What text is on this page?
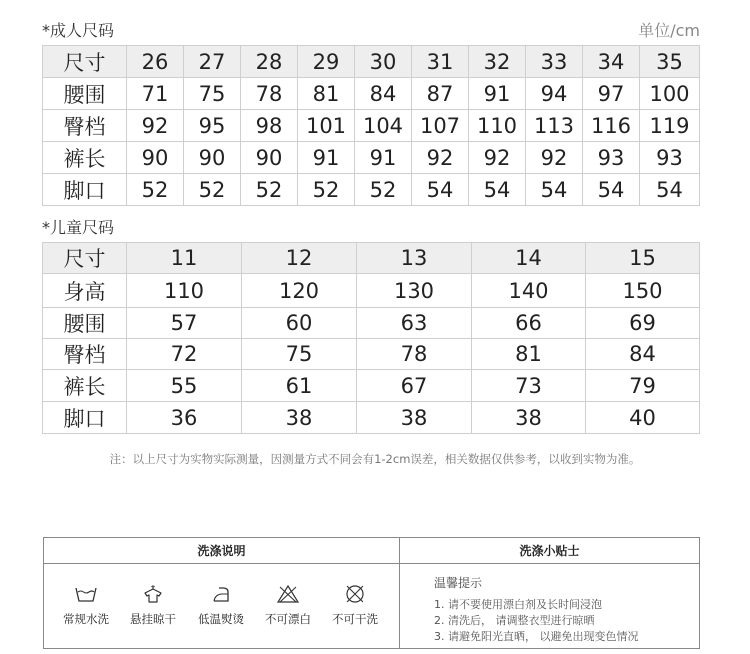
*成人尺码	单位/cm
尺寸	26	27	28	29	30	31	32	33	34	35
腰围	71	75	78	81	84	87	91	94	97	100
臀档	92	95	98	101	104	107	110	113	116	119
裤长	90	90	90	91	91	92	92	92	93	93
脚口	52	52	52	52	52	54	54	54	54	54
*儿童尺码
尺寸	11	12	13	14	15
身高	110	120	130	140	150
腰围	57	60	63	66	69
臀档	72	75	78	81	84
裤长	55	61	67	73	79
脚口	36	38	38	38	40
注：以上尺寸为实物实际测量，因测量方式不同会有1-2cm误差，相关数据仅供参考，以收到实物为准。
洗涤说明
常规水洗	悬挂晾干	低温熨烫	不可漂白	不可干洗
洗涤小贴士
温馨提示
1. 请不要使用漂白剂及长时间浸泡
2. 清洗后， 请调整衣型进行晾晒
3. 请避免阳光直晒， 以避免出现变色情况
